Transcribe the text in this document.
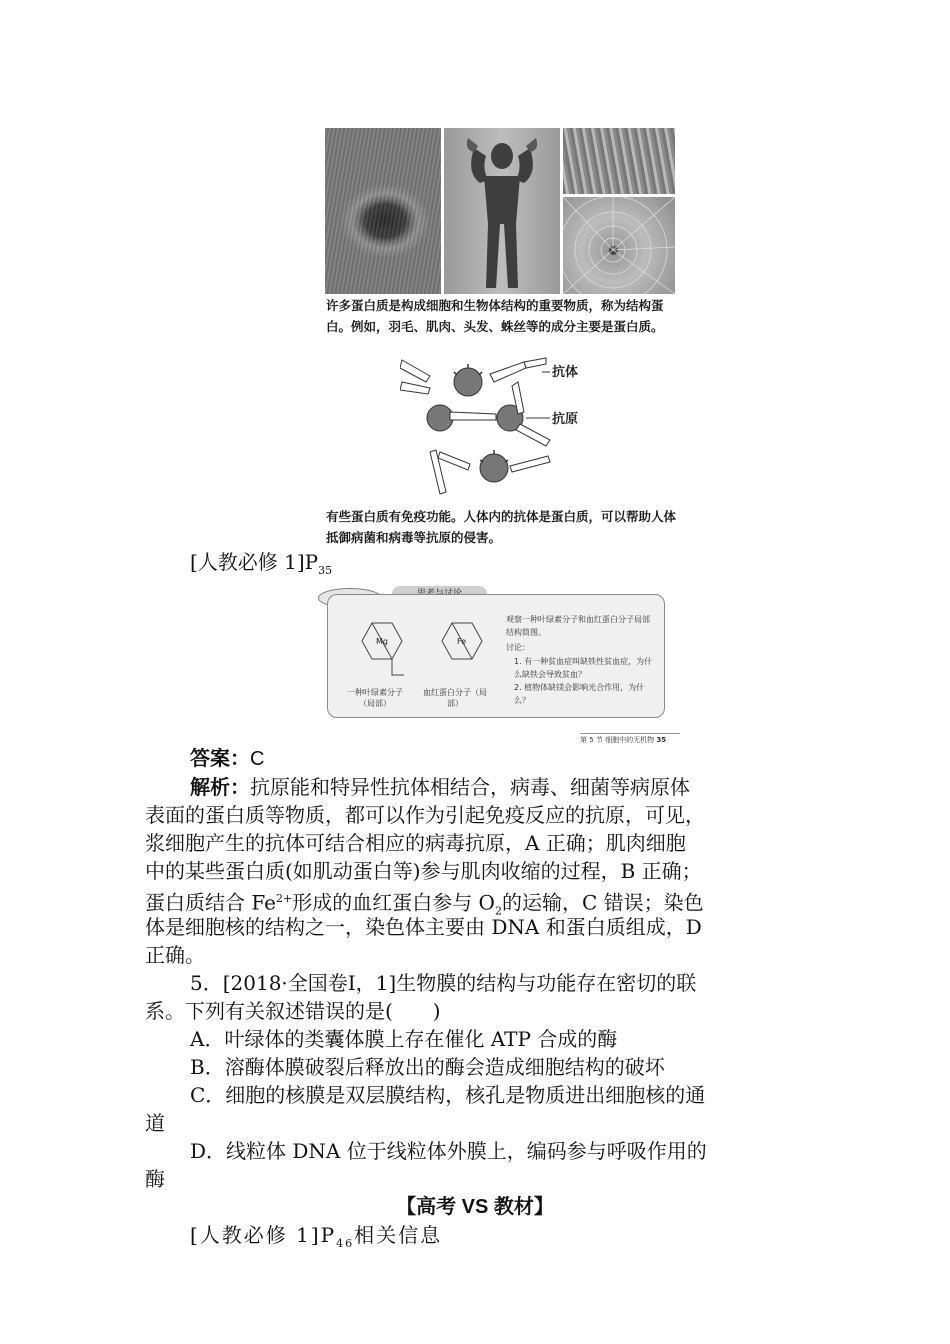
许多蛋白质是构成细胞和生物体结构的重要物质，称为结构蛋白。例如，羽毛、肌肉、头发、蛛丝等的成分主要是蛋白质。
抗体
抗原
有些蛋白质有免疫功能。人体内的抗体是蛋白质，可以帮助人体抵御病菌和病毒等抗原的侵害。
[人教必修 $1]P_{35}$
Mg	Fe
一种叶绿素分子（局部）
血红蛋白分子（局部）
观察一种叶绿素分子和血红蛋白分子局部结构简图。
讨论：
1. 有一种贫血症叫缺铁性贫血症，为什么缺铁会导致贫血？
2. 植物体缺镁会影响光合作用，为什么？
第 5 节 细胞中的无机物 35
答案：C
解析：抗原能和特异性抗体相结合，病毒、细菌等病原体
表面的蛋白质等物质，都可以作为引起免疫反应的抗原，可见，
浆细胞产生的抗体可结合相应的病毒抗原，A 正确；肌肉细胞
中的某些蛋白质(如肌动蛋白等)参与肌肉收缩的过程，B 正确；
蛋白质结合 $Fe^{2+}$形成的血红蛋白参与 $O_2$的运输，C 错误；染色
体是细胞核的结构之一，染色体主要由 DNA 和蛋白质组成，D
正确。
5．[2018·全国卷Ⅰ，1]生物膜的结构与功能存在密切的联
系。下列有关叙述错误的是(　　)
A．叶绿体的类囊体膜上存在催化 ATP 合成的酶
B．溶酶体膜破裂后释放出的酶会造成细胞结构的破坏
C．细胞的核膜是双层膜结构，核孔是物质进出细胞核的通
道
D．线粒体 DNA 位于线粒体外膜上，编码参与呼吸作用的
酶
【高考 VS 教材】
[人教必修 $1]P_{46}$相关信息
